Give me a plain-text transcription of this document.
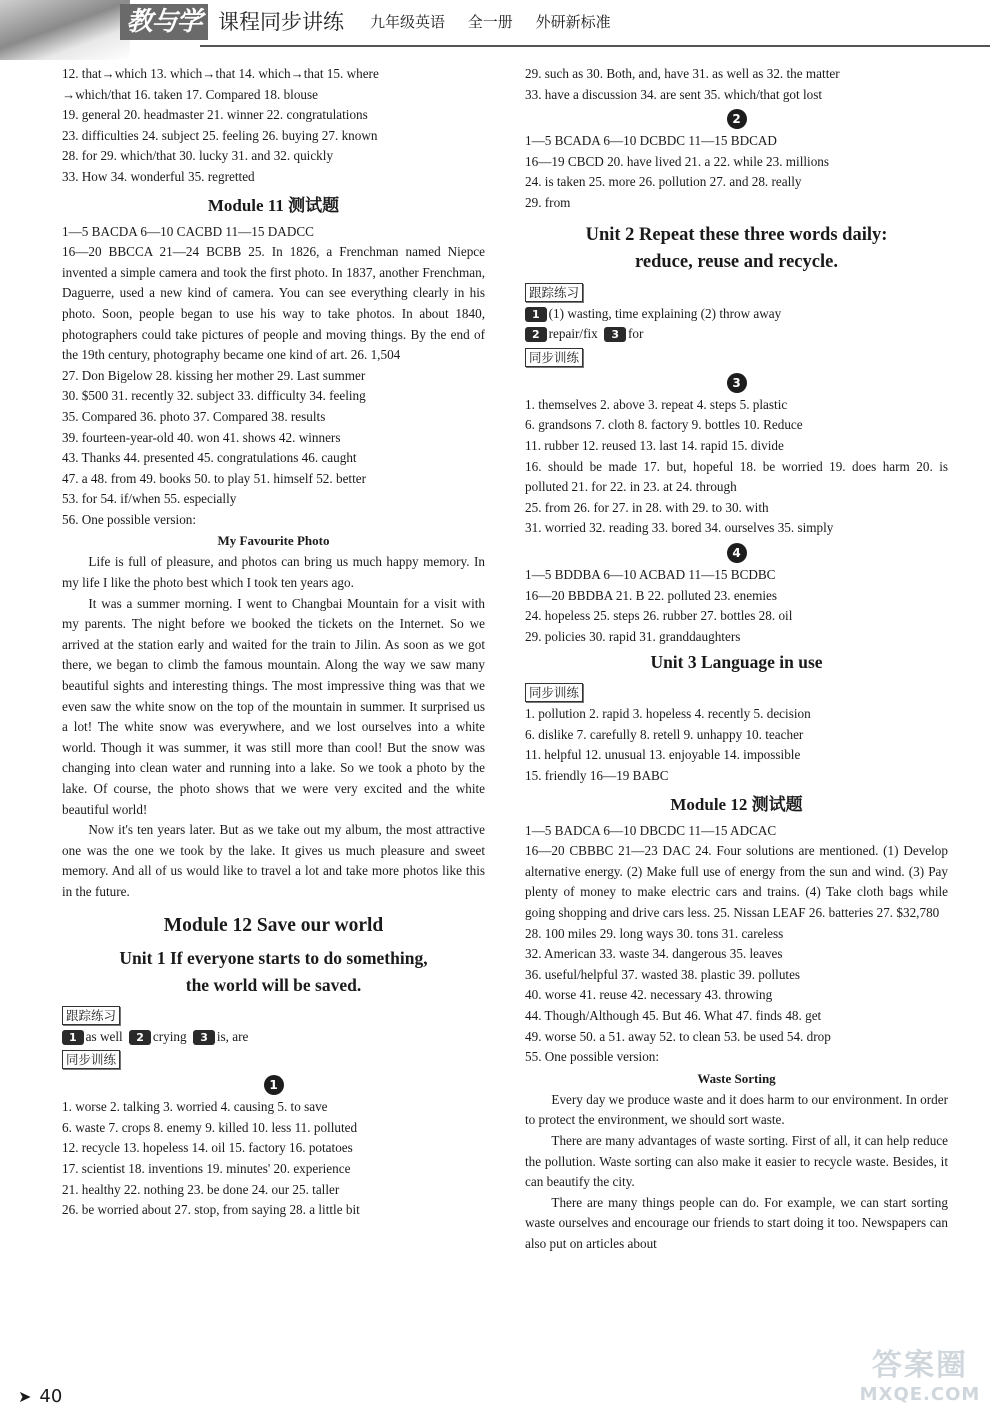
教与学 课程同步讲练 九年级英语 全一册 外研新标准
12. that→which 13. which→that 14. which→that 15. where
→which/that 16. taken 17. Compared 18. blouse
19. general 20. headmaster 21. winner 22. congratulations
23. difficulties 24. subject 25. feeling 26. buying 27. known
28. for 29. which/that 30. lucky 31. and 32. quickly
33. How 34. wonderful 35. regretted
Module 11 测试题
1—5 BACDA 6—10 CACBD 11—15 DADCC
16—20 BBCCA 21—24 BCBB 25. In 1826, a Frenchman named Niepce invented a simple camera and took the first photo. In 1837, another Frenchman, Daguerre, used a new kind of camera. You can see everything clearly in his photo. Soon, people began to use his way to take photos. In about 1840, photographers could take pictures of people and moving things. By the end of the 19th century, photography became one kind of art. 26. 1,504
27. Don Bigelow 28. kissing her mother 29. Last summer
30. $500 31. recently 32. subject 33. difficulty 34. feeling
35. Compared 36. photo 37. Compared 38. results
39. fourteen-year-old 40. won 41. shows 42. winners
43. Thanks 44. presented 45. congratulations 46. caught
47. a 48. from 49. books 50. to play 51. himself 52. better
53. for 54. if/when 55. especially
56. One possible version:
My Favourite Photo
Life is full of pleasure, and photos can bring us much happy memory. In my life I like the photo best which I took ten years ago.
It was a summer morning. I went to Changbai Mountain for a visit with my parents. The night before we booked the tickets on the Internet. So we arrived at the station early and waited for the train to Jilin. As soon as we got there, we began to climb the famous mountain. Along the way we saw many beautiful sights and interesting things. The most impressive thing was that we even saw the white snow on the top of the mountain in summer. It surprised us a lot! The white snow was everywhere, and we lost ourselves into a white world. Though it was summer, it was still more than cool! But the snow was changing into clean water and running into a lake. So we took a photo by the lake. Of course, the photo shows that we were very excited and the white beautiful world!
Now it's ten years later. But as we take out my album, the most attractive one was the one we took by the lake. It gives us much pleasure and sweet memory. And all of us would like to travel a lot and take more photos like this in the future.
Module 12 Save our world
Unit 1 If everyone starts to do something,
the world will be saved.
跟踪练习
1 as well 2 crying 3 is, are
同步训练
1
1. worse 2. talking 3. worried 4. causing 5. to save
6. waste 7. crops 8. enemy 9. killed 10. less 11. polluted
12. recycle 13. hopeless 14. oil 15. factory 16. potatoes
17. scientist 18. inventions 19. minutes' 20. experience
21. healthy 22. nothing 23. be done 24. our 25. taller
26. be worried about 27. stop, from saying 28. a little bit
29. such as 30. Both, and, have 31. as well as 32. the matter
33. have a discussion 34. are sent 35. which/that got lost
2
1—5 BCADA 6—10 DCBDC 11—15 BDCAD
16—19 CBCD 20. have lived 21. a 22. while 23. millions
24. is taken 25. more 26. pollution 27. and 28. really
29. from
Unit 2 Repeat these three words daily:
reduce, reuse and recycle.
跟踪练习
1 (1) wasting, time explaining (2) throw away
2 repair/fix 3 for
同步训练
3
1. themselves 2. above 3. repeat 4. steps 5. plastic
6. grandsons 7. cloth 8. factory 9. bottles 10. Reduce
11. rubber 12. reused 13. last 14. rapid 15. divide
16. should be made 17. but, hopeful 18. be worried 19. does harm 20. is polluted 21. for 22. in 23. at 24. through
25. from 26. for 27. in 28. with 29. to 30. with
31. worried 32. reading 33. bored 34. ourselves 35. simply
4
1—5 BDDBA 6—10 ACBAD 11—15 BCDBC
16—20 BBDBA 21. B 22. polluted 23. enemies
24. hopeless 25. steps 26. rubber 27. bottles 28. oil
29. policies 30. rapid 31. granddaughters
Unit 3 Language in use
同步训练
1. pollution 2. rapid 3. hopeless 4. recently 5. decision
6. dislike 7. carefully 8. retell 9. unhappy 10. teacher
11. helpful 12. unusual 13. enjoyable 14. impossible
15. friendly 16—19 BABC
Module 12 测试题
1—5 BADCA 6—10 DBCDC 11—15 ADCAC
16—20 CBBBC 21—23 DAC 24. Four solutions are mentioned. (1) Develop alternative energy. (2) Make full use of energy from the sun and wind. (3) Pay plenty of money to make electric cars and trains. (4) Take cloth bags while going shopping and drive cars less. 25. Nissan LEAF 26. batteries 27. $32,780
28. 100 miles 29. long ways 30. tons 31. careless
32. American 33. waste 34. dangerous 35. leaves
36. useful/helpful 37. wasted 38. plastic 39. pollutes
40. worse 41. reuse 42. necessary 43. throwing
44. Though/Although 45. But 46. What 47. finds 48. get
49. worse 50. a 51. away 52. to clean 53. be used 54. drop
55. One possible version:
Waste Sorting
Every day we produce waste and it does harm to our environment. In order to protect the environment, we should sort waste.
There are many advantages of waste sorting. First of all, it can help reduce the pollution. Waste sorting can also make it easier to recycle waste. Besides, it can beautify the city.
There are many things people can do. For example, we can start sorting waste ourselves and encourage our friends to start doing it too. Newspapers can also put on articles about
➤ 40
答案圈
MXQE.COM
